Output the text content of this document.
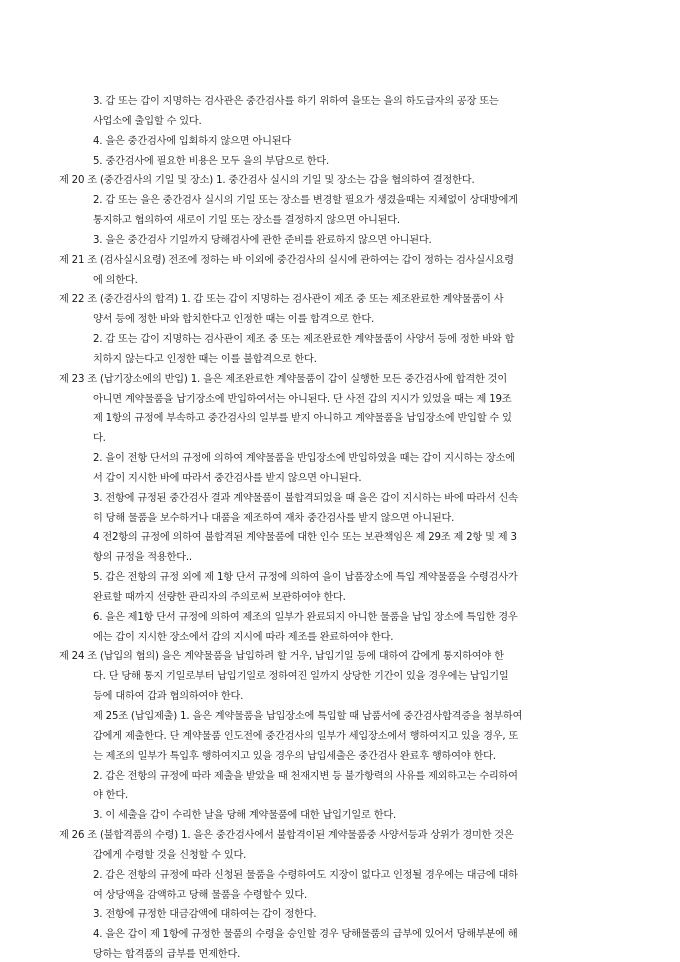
3. 갑 또는 갑이 지명하는 검사관은 중간검사를 하기 위하여 을또는 을의 하도급자의 공장 또는
사업소에 출입할 수 있다.
4. 을은 중간검사에 입회하지 않으면 아니된다
5. 중간검사에 필요한 비용은 모두 을의 부담으로 한다.
제 20 조 (중간검사의 기일 및 장소) 1. 중간검사 실시의 기일 및 장소는 갑을 협의하여 결정한다.
2. 갑 또는 을은 중간검사 실시의 기일 또는 장소를 변경할 필요가 생겼을때는 지체없이 상대방에게
통지하고 협의하여 새로이 기일 또는 장소를 결정하지 않으면 아니된다.
3. 을은 중간검사 기일까지 당해검사에 관한 준비를 완료하지 않으면 아니된다.
제 21 조 (검사실시요령) 전조에 정하는 바 이외에 중간검사의 실시에 관하여는 갑이 정하는 검사실시요령
에 의한다.
제 22 조 (중간검사의 합격) 1. 갑 또는 갑이 지명하는 검사관이 제조 중 또는 제조완료한 계약물품이 사
양서 등에 정한 바와 합치한다고 인정한 때는 이를 합격으로 한다.
2. 갑 또는 갑이 지명하는 검사관이 제조 중 또는 제조완료한 계약물품이 사양서 등에 정한 바와 합
치하지 않는다고 인정한 때는 이를 불합격으로 한다.
제 23 조 (납기장소에의 반입) 1. 을은 제조완료한 계약물품이 갑이 실행한 모든 중간검사에 합격한 것이
아니면 계약물품을 납기장소에 반입하여서는 아니된다. 단 사전 갑의 지시가 있었을 때는 제 19조
제 1항의 규정에 부속하고 중간검사의 일부를 받지 아니하고 계약물품을 납입장소에 반입할 수 있
다.
2. 을이 전항 단서의 규정에 의하여 계약물품을 반입장소에 반입하였을 때는 갑이 지시하는 장소에
서 갑이 지시한 바에 따라서 중간검사를 받지 않으면 아니된다.
3. 전항에 규정된 중간검사 결과 계약물품이 불합격되었을 때 을은 갑이 지시하는 바에 따라서 신속
히 당해 물품을 보수하거나 대품을 제조하여 재차 중간검사를 받지 않으면 아니된다.
4 전2항의 규정에 의하여 불합격된 계약물품에 대한 인수 또는 보관책임은 제 29조 제 2항 및 제 3
항의 규정을 적용한다..
5. 갑은 전항의 규정 외에 제 1항 단서 규정에 의하여 을이 납품장소에 특입 계약물품을 수령검사가
완료할 때까지 선량한 관리자의 주의로써 보관하여야 한다.
6. 을은 제1항 단서 규정에 의하여 제조의 일부가 완료되지 아니한 물품을 납입 장소에 특입한 경우
에는 갑이 지시한 장소에서 갑의 지시에 따라 제조를 완료하여야 한다.
제 24 조 (납입의 협의) 을은 계약물품을 납입하려 할 거우, 납입기일 등에 대하여 갑에게 통지하여야 한
다. 단 당해 통지 기일로부터 납입기일로 정하여진 일까지 상당한 기간이 있을 경우에는 납입기일
등에 대하여 갑과 협의하여야 한다.
제 25조 (납입제출) 1. 을은 계약물품을 납입장소에 특입할 때 납품서에 중간검사합격증을 첨부하여
갑에게 제출한다. 단 계약물품 인도전에 중간검사의 일부가 세입장소에서 행하여지고 있을 경우, 또
는 제조의 일부가 특입후 행하여지고 있을 경우의 납입세출은 중간검사 완료후 행하여야 한다.
2. 갑은 전항의 규정에 따라 제출을 받았을 때 천재지변 등 불가항력의 사유를 제외하고는 수리하여
야 한다.
3. 이 세출을 갑이 수리한 날을 당해 계약물품에 대한 납입기일로 한다.
제 26 조 (불합격품의 수령) 1. 을은 중간검사에서 불합격이된 계약물품중 사양서등과 상위가 경미한 것은
갑에게 수령할 것을 신청할 수 있다.
2. 갑은 전항의 규정에 따라 신청된 물품을 수령하여도 지장이 없다고 인정될 경우에는 대금에 대하
여 상당액을 감액하고 당해 물품을 수령할수 있다.
3. 전항에 규정한 대금감액에 대하여는 갑이 정한다.
4. 을은 갑이 제 1항에 규정한 물품의 수령을 승인할 경우 당해물품의 급부에 있어서 당해부분에 해
당하는 합격품의 급부를 면제한다.
